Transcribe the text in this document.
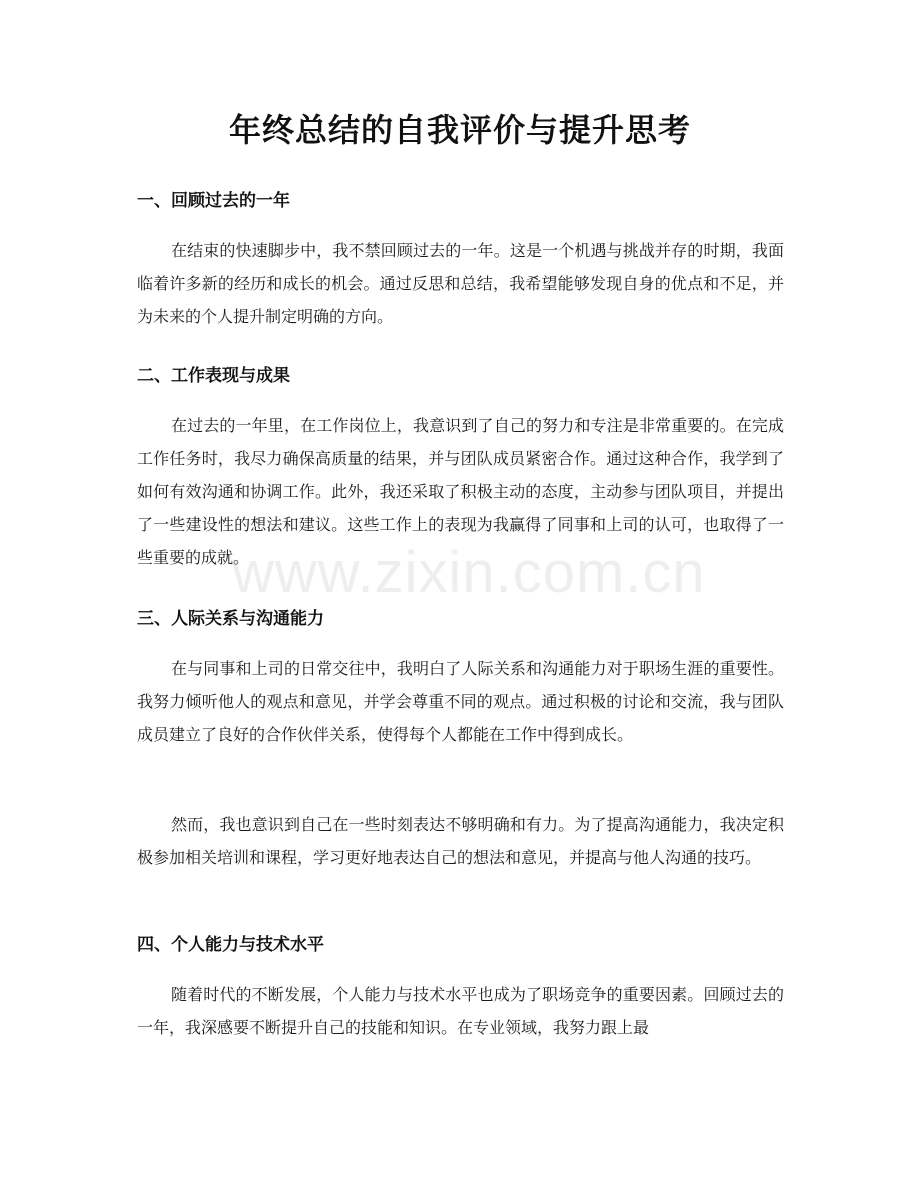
年终总结的自我评价与提升思考
一、回顾过去的一年
在结束的快速脚步中，我不禁回顾过去的一年。这是一个机遇与挑战并存的时期，我面临着许多新的经历和成长的机会。通过反思和总结，我希望能够发现自身的优点和不足，并为未来的个人提升制定明确的方向。
二、工作表现与成果
在过去的一年里，在工作岗位上，我意识到了自己的努力和专注是非常重要的。在完成工作任务时，我尽力确保高质量的结果，并与团队成员紧密合作。通过这种合作，我学到了如何有效沟通和协调工作。此外，我还采取了积极主动的态度，主动参与团队项目，并提出了一些建设性的想法和建议。这些工作上的表现为我赢得了同事和上司的认可，也取得了一些重要的成就。
三、人际关系与沟通能力
在与同事和上司的日常交往中，我明白了人际关系和沟通能力对于职场生涯的重要性。我努力倾听他人的观点和意见，并学会尊重不同的观点。通过积极的讨论和交流，我与团队成员建立了良好的合作伙伴关系，使得每个人都能在工作中得到成长。
然而，我也意识到自己在一些时刻表达不够明确和有力。为了提高沟通能力，我决定积极参加相关培训和课程，学习更好地表达自己的想法和意见，并提高与他人沟通的技巧。
四、个人能力与技术水平
随着时代的不断发展，个人能力与技术水平也成为了职场竞争的重要因素。回顾过去的一年，我深感要不断提升自己的技能和知识。在专业领域，我努力跟上最
www.zixin.com.cn
